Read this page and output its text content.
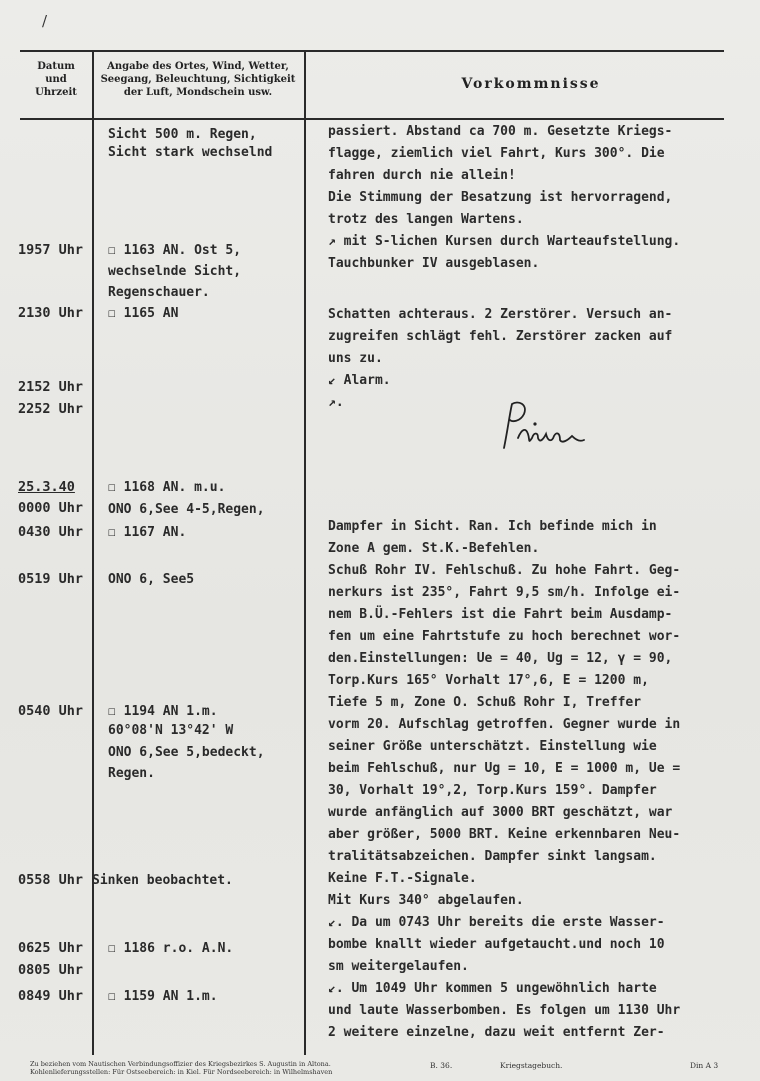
/
Datum
und
Uhrzeit
Angabe des Ortes, Wind, Wetter,
Seegang, Beleuchtung, Sichtigkeit
der Luft, Mondschein usw.
Vorkommnisse
1957 Uhr
2130 Uhr
2152 Uhr
2252 Uhr
25.3.40
0000 Uhr
0430 Uhr
0519 Uhr
0540 Uhr
0558 Uhr
0625 Uhr
0805 Uhr
0849 Uhr
Sicht 500 m. Regen,
Sicht stark wechselnd
☐ 1163 AN. Ost 5,
wechselnde Sicht,
Regenschauer.
☐ 1165 AN
☐ 1168 AN. m.u.
ONO 6,See 4-5,Regen,
☐ 1167 AN.
ONO 6, See5
☐ 1194 AN 1.m.
60°08'N 13°42' W
ONO 6,See 5,bedeckt,
Regen.
Sinken beobachtet.
☐ 1186 r.o. A.N.
☐ 1159 AN 1.m.
passiert. Abstand ca 700 m. Gesetzte Kriegs-
flagge, ziemlich viel Fahrt, Kurs 300°. Die
fahren durch nie allein!
Die Stimmung der Besatzung ist hervorragend,
trotz des langen Wartens.
↗ mit S-lichen Kursen durch Warteaufstellung.
Tauchbunker IV ausgeblasen.
Schatten achteraus. 2 Zerstörer. Versuch an-
zugreifen schlägt fehl. Zerstörer zacken auf
uns zu.
↙ Alarm.
↗.
Dampfer in Sicht. Ran. Ich befinde mich in
Zone A gem. St.K.-Befehlen.
Schuß Rohr IV. Fehlschuß. Zu hohe Fahrt. Geg-
nerkurs ist 235°, Fahrt 9,5 sm/h. Infolge ei-
nem B.Ü.-Fehlers ist die Fahrt beim Ausdamp-
fen um eine Fahrtstufe zu hoch berechnet wor-
den.Einstellungen: Ue = 40, Ug = 12, γ = 90,
Torp.Kurs 165° Vorhalt 17°,6, E = 1200 m,
Tiefe 5 m, Zone O. Schuß Rohr I, Treffer
vorm 20. Aufschlag getroffen. Gegner wurde in
seiner Größe unterschätzt. Einstellung wie
beim Fehlschuß, nur Ug = 10, E = 1000 m, Ue =
30, Vorhalt 19°,2, Torp.Kurs 159°. Dampfer
wurde anfänglich auf 3000 BRT geschätzt, war
aber größer, 5000 BRT. Keine erkennbaren Neu-
tralitätsabzeichen. Dampfer sinkt langsam.
Keine F.T.-Signale.
Mit Kurs 340° abgelaufen.
↙. Da um 0743 Uhr bereits die erste Wasser-
bombe knallt wieder aufgetaucht.und noch 10
sm weitergelaufen.
↙. Um 1049 Uhr kommen 5 ungewöhnlich harte
und laute Wasserbomben. Es folgen um 1130 Uhr
2 weitere einzelne, dazu weit entfernt Zer-
Zu beziehen vom Nautischen Verbindungsoffizier des Kriegsbezirkes S. Augustin in Altona.
Kohlenlieferungsstellen: Für Ostseebereich: in Kiel. Für Nordseebereich: in Wilhelmshaven
B. 36.	Kriegstagebuch.	Din A 3
